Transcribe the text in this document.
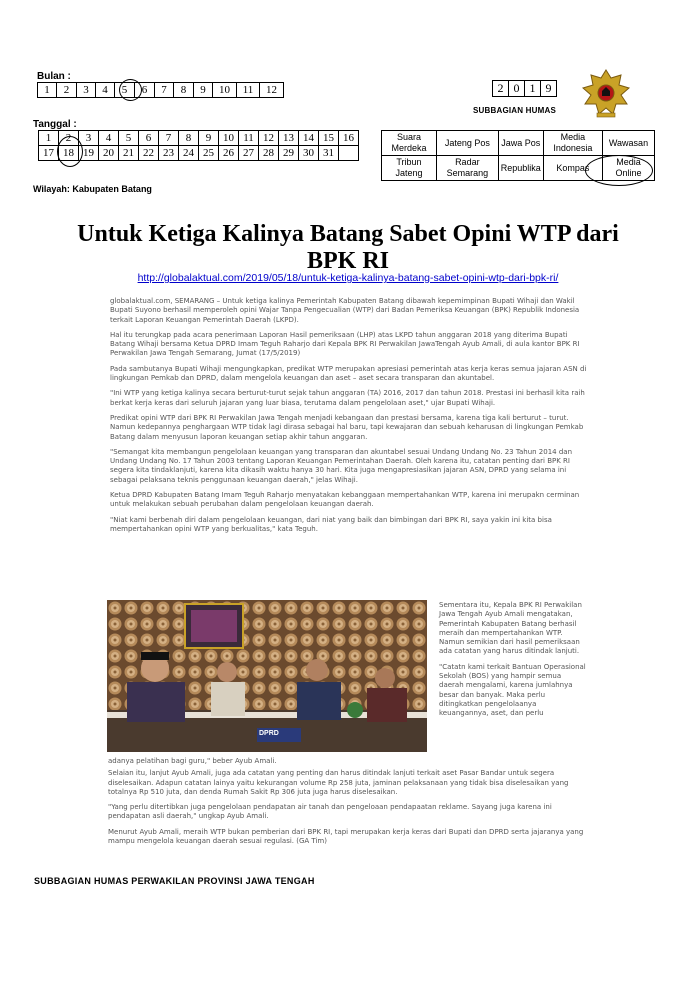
Bulan :
1	2	3	4	5	6	7	8	9	10	11	12
Tanggal :
1	2	3	4	5	6	7	8	9	10	11	12	13	14	15	16
17	18	19	20	21	22	23	24	25	26	27	28	29	30	31	
Wilayah: Kabupaten Batang
2	0	1	9
SUBBAGIAN HUMAS
Suara Merdeka	Jateng Pos	Jawa Pos	Media Indonesia	Wawasan
Tribun Jateng	Radar Semarang	Republika	Kompas	Media Online
Untuk Ketiga Kalinya Batang Sabet Opini WTP dari
BPK RI
http://globalaktual.com/2019/05/18/untuk-ketiga-kalinya-batang-sabet-opini-wtp-dari-bpk-ri/

globalaktual.com, SEMARANG – Untuk ketiga kalinya Pemerintah Kabupaten Batang dibawah kepemimpinan Bupati Wihaji dan Wakil Bupati Suyono berhasil memperoleh opini Wajar Tanpa Pengecualian (WTP) dari Badan Pemeriksa Keuangan (BPK) Republik Indonesia terkait Laporan Keuangan Pemerintah Daerah (LKPD).

Hal itu terungkap pada acara penerimaan Laporan Hasil pemeriksaan (LHP) atas LKPD tahun anggaran 2018 yang diterima Bupati Batang Wihaji bersama Ketua DPRD Imam Teguh Raharjo dari Kepala BPK RI Perwakilan JawaTengah Ayub Amali, di aula kantor BPK RI Perwakilan Jawa Tengah Semarang, Jumat (17/5/2019)

Pada sambutanya Bupati Wihaji mengungkapkan, predikat WTP merupakan apresiasi pemerintah atas kerja keras semua jajaran ASN di lingkungan Pemkab dan DPRD, dalam mengelola keuangan dan aset – aset secara transparan dan akuntabel.

"Ini WTP yang ketiga kalinya secara berturut-turut sejak tahun anggaran (TA) 2016, 2017 dan tahun 2018. Prestasi ini berhasil kita raih berkat kerja keras dari seluruh jajaran yang luar biasa, terutama dalam pengelolaan aset," ujar Bupati Wihaji.

Predikat opini WTP dari BPK RI Perwakilan Jawa Tengah menjadi kebangaan dan prestasi bersama, karena tiga kali berturut – turut. Namun kedepannya penghargaan WTP tidak lagi dirasa sebagai hal baru, tapi kewajaran dan sebuah keharusan di lingkungan Pemkab Batang dalam menyusun laporan keuangan setiap akhir tahun anggaran.

"Semangat kita membangun pengelolaan keuangan yang transparan dan akuntabel sesuai Undang Undang No. 23 Tahun 2014 dan Undang Undang No. 17 Tahun 2003 tentang Laporan Keuangan Pemerintahan Daerah. Oleh karena itu, catatan penting dari BPK RI segera kita tindaklanjuti, karena kita dikasih waktu hanya 30 hari. Kita juga mengapresiasikan jajaran ASN, DPRD yang selama ini sebagai pelaksana teknis penggunaan keuangan daerah," jelas Wihaji.

Ketua DPRD Kabupaten Batang Imam Teguh Raharjo menyatakan kebanggaan mempertahankan WTP, karena ini merupakn cerminan untuk melakukan sebuah perubahan dalam pengelolaan keuangan daerah.

"Niat kami berbenah diri dalam pengelolaan keuangan, dari niat yang baik dan bimbingan dari BPK RI, saya yakin ini kita bisa mempertahankan opini WTP yang berkualitas," kata Teguh.

DPRD

Sementara itu, Kepala BPK RI Perwakilan Jawa Tengah Ayub Amali mengatakan, Pemerintah Kabupaten Batang berhasil meraih dan mempertahankan WTP. Namun semikian dari hasil pemeriksaan ada catatan yang harus ditindak lanjuti.

"Catatn kami terkait Bantuan Operasional Sekolah (BOS) yang hampir semua daerah mengalami, karena jumlahnya besar dan banyak. Maka perlu ditingkatkan pengelolaanya keuangannya, aset, dan perlu

adanya pelatihan bagi guru," beber Ayub Amali.

Selaian itu, lanjut Ayub Amali, juga ada catatan yang penting dan harus ditindak lanjuti terkait aset Pasar Bandar untuk segera diselesaikan. Adapun catatan lainya yaitu kekurangan volume Rp 258 juta, jaminan pelaksanaan yang tidak bisa diselesaikan yang totalnya Rp 510 juta, dan denda Rumah Sakit Rp 306 juta juga harus diselesaikan.

"Yang perlu ditertibkan juga pengelolaan pendapatan air tanah dan pengeloaan pendapaatan reklame. Sayang juga karena ini pendapatan asli daerah," ungkap Ayub Amali.

Menurut Ayub Amali, meraih WTP bukan pemberian dari BPK RI, tapi merupakan kerja keras dari Bupati dan DPRD serta jajaranya yang mampu mengelola keuangan daerah sesuai regulasi. (GA Tim)

SUBBAGIAN HUMAS PERWAKILAN PROVINSI JAWA TENGAH
